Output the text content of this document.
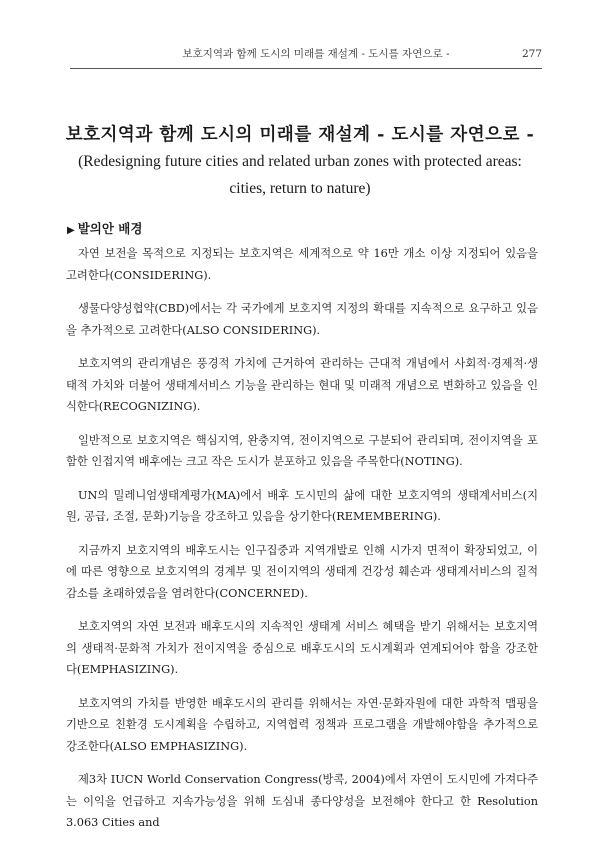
보호지역과 함께 도시의 미래를 재설계 - 도시를 자연으로 -	277
보호지역과 함께 도시의 미래를 재설계 - 도시를 자연으로 -
(Redesigning future cities and related urban zones with protected areas:
cities, return to nature)
▶ 발의안 배경

자연 보전을 목적으로 지정되는 보호지역은 세계적으로 약 16만 개소 이상 지정되어 있음을 고려한다(CONSIDERING).

생물다양성협약(CBD)에서는 각 국가에게 보호지역 지정의 확대를 지속적으로 요구하고 있음을 추가적으로 고려한다(ALSO CONSIDERING).

보호지역의 관리개념은 풍경적 가치에 근거하여 관리하는 근대적 개념에서 사회적·경제적·생태적 가치와 더불어 생태계서비스 기능을 관리하는 현대 및 미래적 개념으로 변화하고 있음을 인식한다(RECOGNIZING).

일반적으로 보호지역은 핵심지역, 완충지역, 전이지역으로 구분되어 관리되며, 전이지역을 포함한 인접지역 배후에는 크고 작은 도시가 분포하고 있음을 주목한다(NOTING).

UN의 밀레니엄생태계평가(MA)에서 배후 도시민의 삶에 대한 보호지역의 생태계서비스(지원, 공급, 조절, 문화)기능을 강조하고 있음을 상기한다(REMEMBERING).

지금까지 보호지역의 배후도시는 인구집중과 지역개발로 인해 시가지 면적이 확장되었고, 이에 따른 영향으로 보호지역의 경계부 및 전이지역의 생태계 건강성 훼손과 생태계서비스의 질적 감소를 초래하였음을 염려한다(CONCERNED).

보호지역의 자연 보전과 배후도시의 지속적인 생태계 서비스 혜택을 받기 위해서는 보호지역의 생태적·문화적 가치가 전이지역을 중심으로 배후도시의 도시계획과 연계되어야 함을 강조한다(EMPHASIZING).

보호지역의 가치를 반영한 배후도시의 관리를 위해서는 자연·문화자원에 대한 과학적 맵핑을 기반으로 친환경 도시계획을 수립하고, 지역협력 정책과 프로그램을 개발해야함을 추가적으로 강조한다(ALSO EMPHASIZING).

제3차 IUCN World Conservation Congress(방콕, 2004)에서 자연이 도시민에 가져다주는 이익을 언급하고 지속가능성을 위해 도심내 종다양성을 보전해야 한다고 한 Resolution 3.063 Cities and
